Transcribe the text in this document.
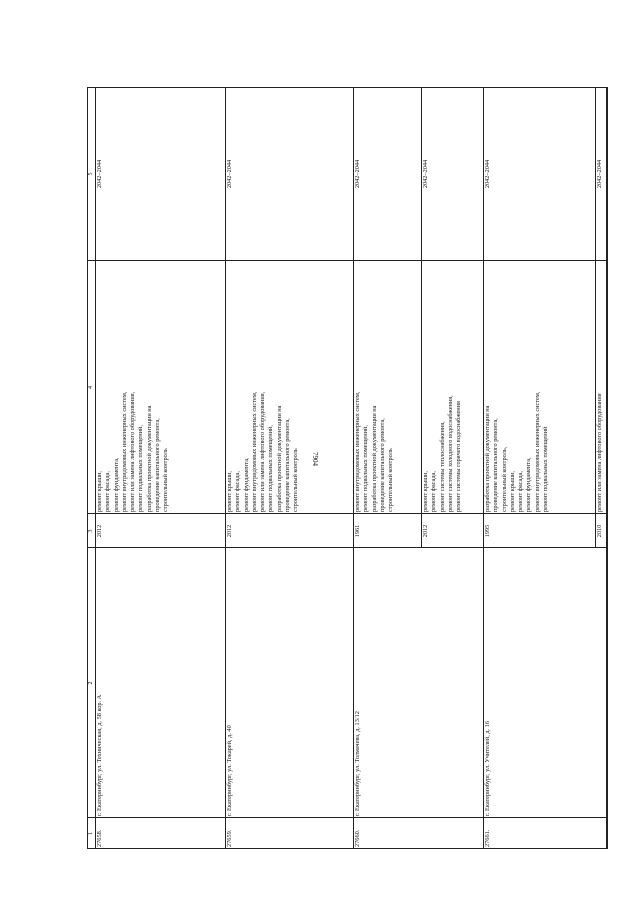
7904
1
2
3
4
5
27658.
г. Екатеринбург, ул. Техническая, д. 58 кор. А
2012
ремонт крыши, ремонт фасада, ремонт фундамента, ремонт внутридомовых инженерных систем, ремонт или замена лифтового оборудования, ремонт подвальных помещений, разработка проектной документации на проведение капитального ремонта, строительный контроль
2042–2044
27659.
г. Екатеринбург, ул. Токарей, д. 40
2012
ремонт крыши, ремонт фасада, ремонт фундамента, ремонт внутридомовых инженерных систем, ремонт или замена лифтового оборудования, ремонт подвальных помещений, разработка проектной документации на проведение капитального ремонта, строительный контроль
2042–2044
27660.
г. Екатеринбург, ул. Толмачева, д. 13/12
1961
ремонт внутридомовых инженерных систем, ремонт подвальных помещений, разработка проектной документации на проведение капитального ремонта, строительный контроль
2042–2044
2012
ремонт крыши, ремонт фасада, ремонт системы теплоснабжения, ремонт системы холодного водоснабжения, ремонт системы горячего водоснабжения
2042–2044
27661.
г. Екатеринбург, ул. Учителей, д. 16
1995
разработка проектной документации на проведение капитального ремонта, строительный контроль, ремонт крыши, ремонт фасада, ремонт фундамента, ремонт внутридомовых инженерных систем, ремонт подвальных помещений
2042–2044
2010
ремонт или замена лифтового оборудования
2042–2044
